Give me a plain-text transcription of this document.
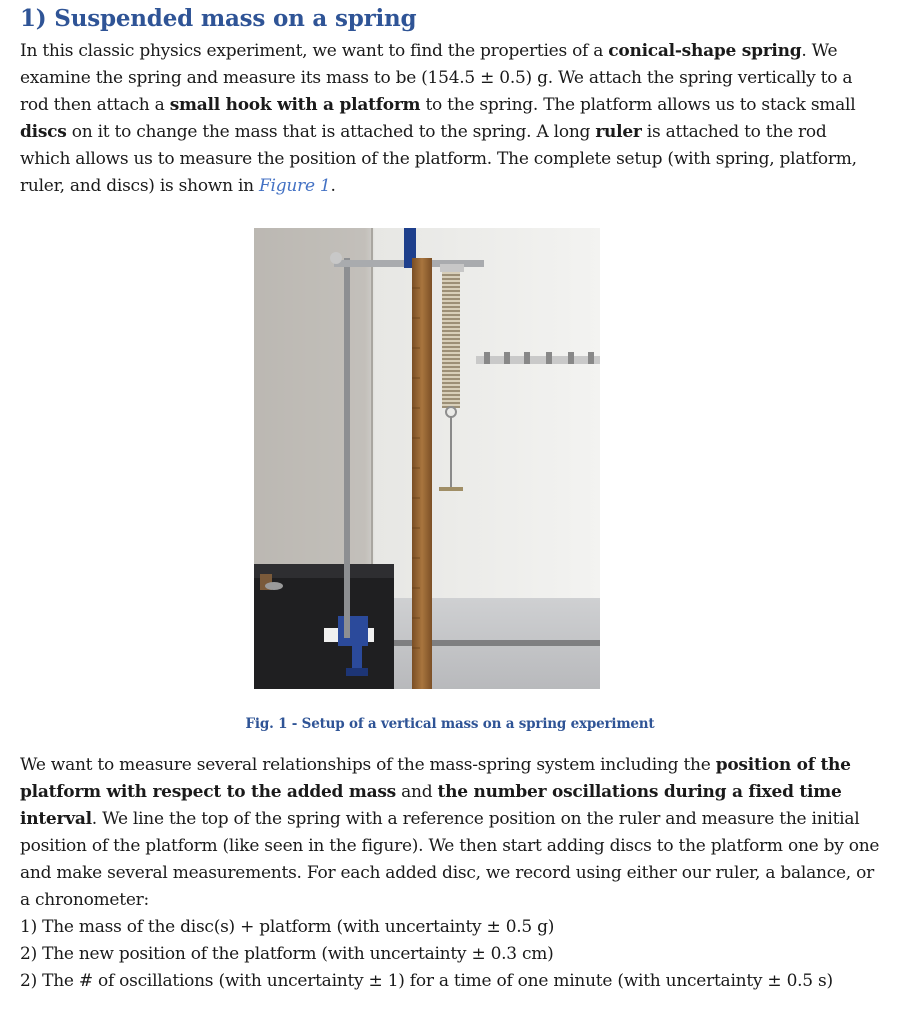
1) Suspended mass on a spring

In this classic physics experiment, we want to find the properties of a conical-shape spring. We examine the spring and measure its mass to be (154.5 ± 0.5) g. We attach the spring vertically to a rod then attach a small hook with a platform to the spring. The platform allows us to stack small discs on it to change the mass that is attached to the spring. A long ruler is attached to the rod which allows us to measure the position of the platform. The complete setup (with spring, platform, ruler, and discs) is shown in Figure 1.

Fig. 1 - Setup of a vertical mass on a spring experiment

We want to measure several relationships of the mass-spring system including the position of the platform with respect to the added mass and the number oscillations during a fixed time interval. We line the top of the spring with a reference position on the ruler and measure the initial position of the platform (like seen in the figure). We then start adding discs to the platform one by one and make several measurements. For each added disc, we record using either our ruler, a balance, or a chronometer:

1) The mass of the disc(s) + platform (with uncertainty ± 0.5 g)
2) The new position of the platform (with uncertainty ± 0.3 cm)
2) The # of oscillations (with uncertainty ± 1) for a time of one minute (with uncertainty ± 0.5 s)
